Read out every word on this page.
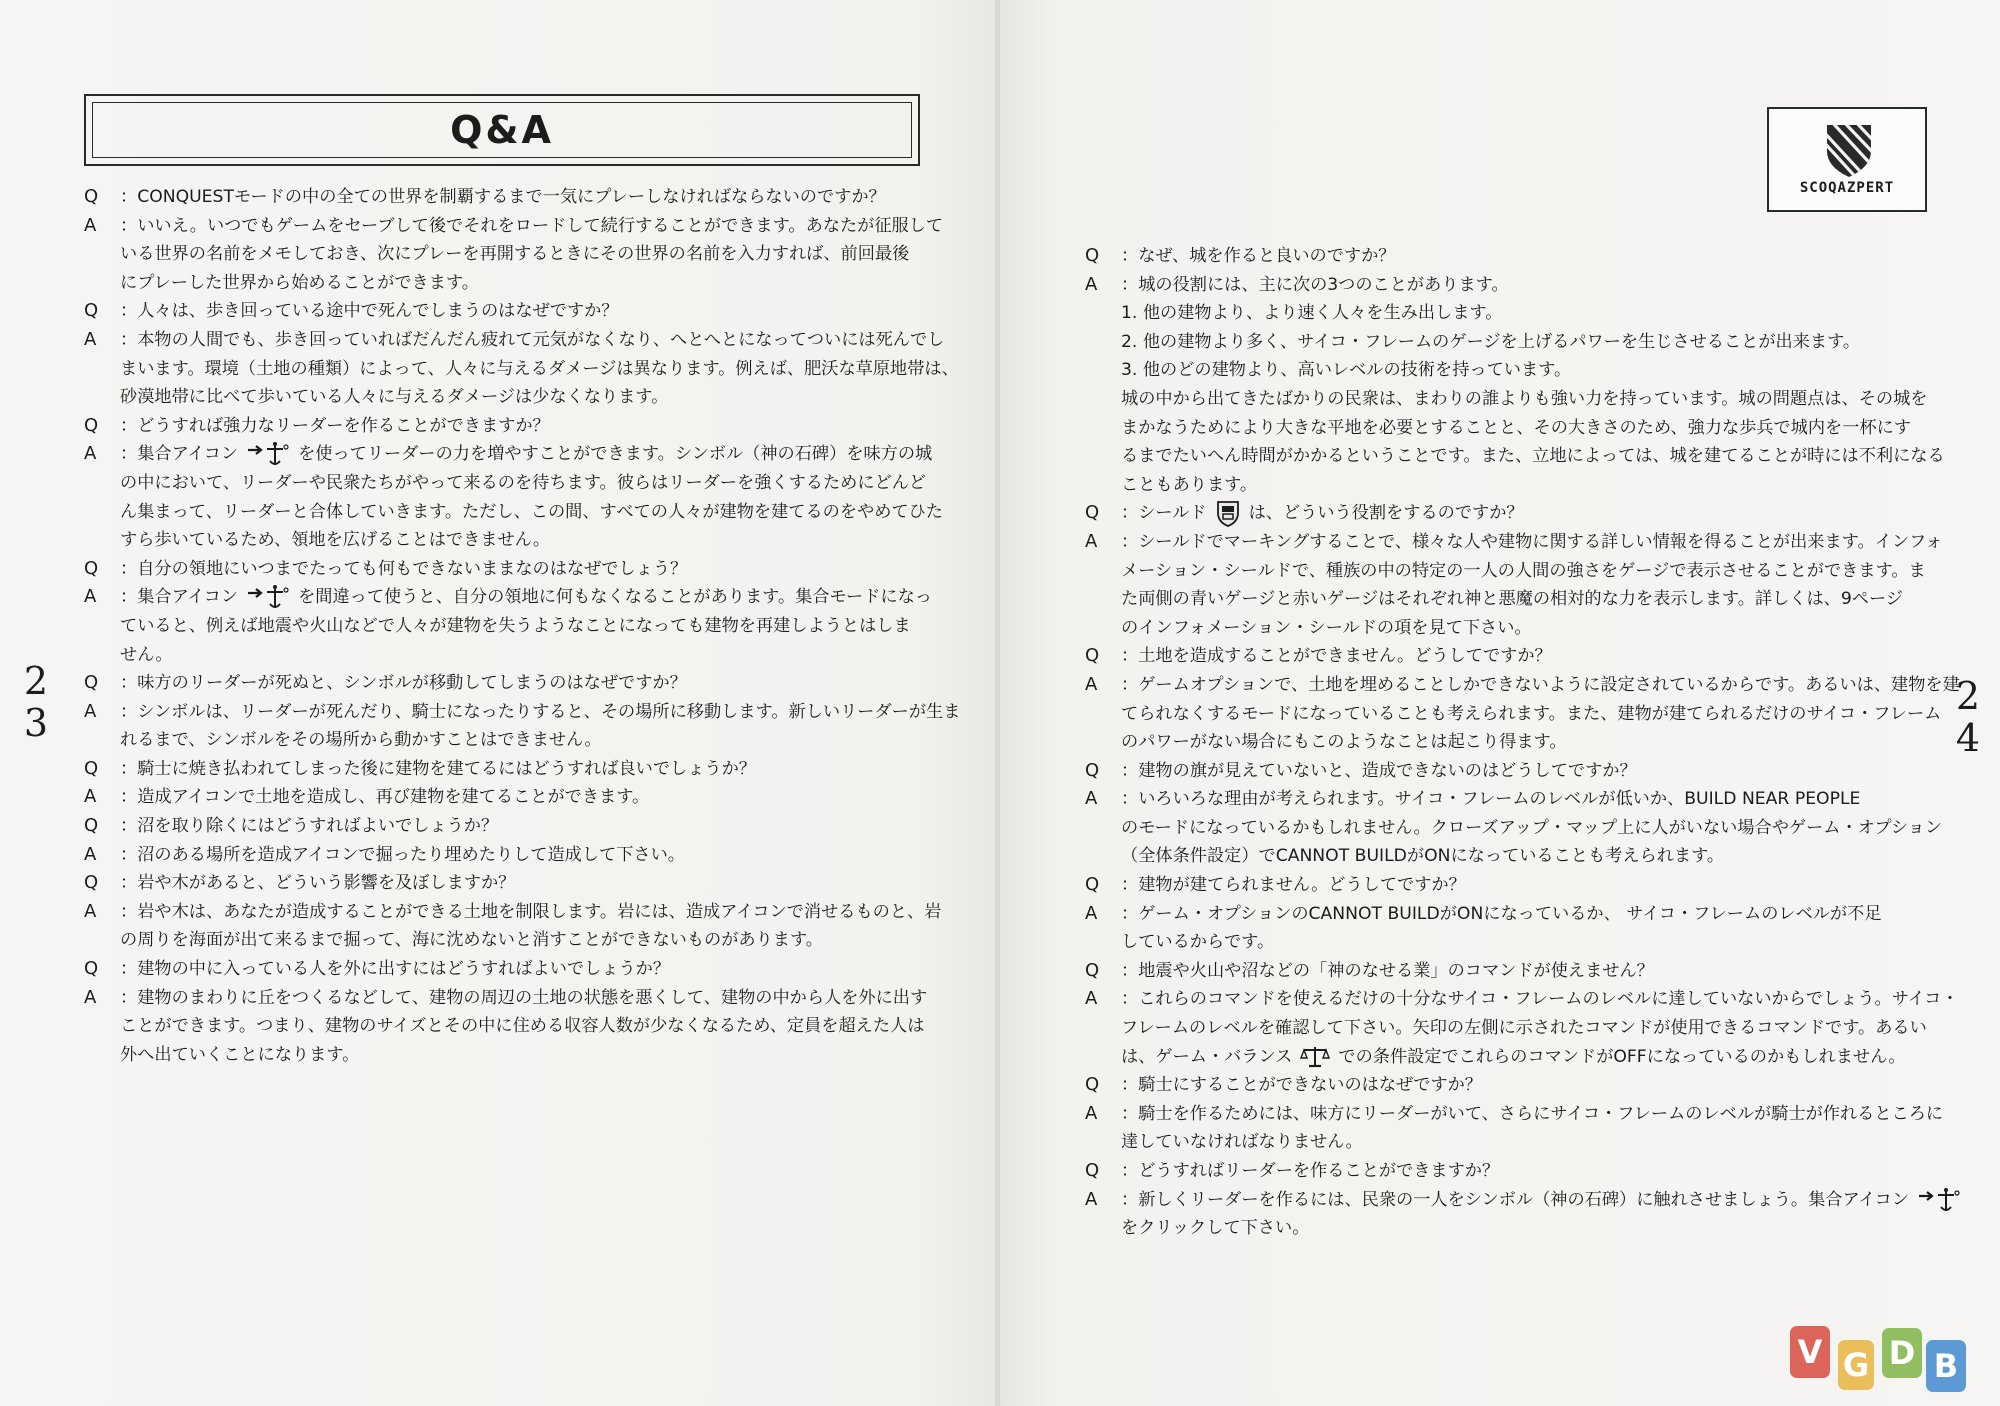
Q&A
Q	：CONQUESTモードの中の全ての世界を制覇するまで一気にプレーしなければならないのですか？
A	：いいえ。いつでもゲームをセーブして後でそれをロードして続行することができます。あなたが征服して
いる世界の名前をメモしておき、次にプレーを再開するときにその世界の名前を入力すれば、前回最後
にプレーした世界から始めることができます。
Q	：人々は、歩き回っている途中で死んでしまうのはなぜですか？
A	：本物の人間でも、歩き回っていればだんだん疲れて元気がなくなり、へとへとになってついには死んでし
まいます。環境（土地の種類）によって、人々に与えるダメージは異なります。例えば、肥沃な草原地帯は、
砂漠地帯に比べて歩いている人々に与えるダメージは少なくなります。
Q	：どうすれば強力なリーダーを作ることができますか？
A	：集合アイコン	を使ってリーダーの力を増やすことができます。シンボル（神の石碑）を味方の城
の中において、リーダーや民衆たちがやって来るのを待ちます。彼らはリーダーを強くするためにどんど
ん集まって、リーダーと合体していきます。ただし、この間、すべての人々が建物を建てるのをやめてひた
すら歩いているため、領地を広げることはできません。
Q	：自分の領地にいつまでたっても何もできないままなのはなぜでしょう？
A	：集合アイコン	を間違って使うと、自分の領地に何もなくなることがあります。集合モードになっ
ていると、例えば地震や火山などで人々が建物を失うようなことになっても建物を再建しようとはしま
せん。
Q	：味方のリーダーが死ぬと、シンボルが移動してしまうのはなぜですか？
A	：シンボルは、リーダーが死んだり、騎士になったりすると、その場所に移動します。新しいリーダーが生ま
れるまで、シンボルをその場所から動かすことはできません。
Q	：騎士に焼き払われてしまった後に建物を建てるにはどうすれば良いでしょうか？
A	：造成アイコンで土地を造成し、再び建物を建てることができます。
Q	：沼を取り除くにはどうすればよいでしょうか？
A	：沼のある場所を造成アイコンで掘ったり埋めたりして造成して下さい。
Q	：岩や木があると、どういう影響を及ぼしますか？
A	：岩や木は、あなたが造成することができる土地を制限します。岩には、造成アイコンで消せるものと、岩
の周りを海面が出て来るまで掘って、海に沈めないと消すことができないものがあります。
Q	：建物の中に入っている人を外に出すにはどうすればよいでしょうか？
A	：建物のまわりに丘をつくるなどして、建物の周辺の土地の状態を悪くして、建物の中から人を外に出す
ことができます。つまり、建物のサイズとその中に住める収容人数が少なくなるため、定員を超えた人は
外へ出ていくことになります。
2
3
SCOQAZPERT
Q	：なぜ、城を作ると良いのですか？
A	：城の役割には、主に次の3つのことがあります。
1. 他の建物より、より速く人々を生み出します。
2. 他の建物より多く、サイコ・フレームのゲージを上げるパワーを生じさせることが出来ます。
3. 他のどの建物より、高いレベルの技術を持っています。
城の中から出てきたばかりの民衆は、まわりの誰よりも強い力を持っています。城の問題点は、その城を
まかなうためにより大きな平地を必要とすることと、その大きさのため、強力な歩兵で城内を一杯にす
るまでたいへん時間がかかるということです。また、立地によっては、城を建てることが時には不利になる
こともあります。
Q	：シールド は、どういう役割をするのですか？
A	：シールドでマーキングすることで、様々な人や建物に関する詳しい情報を得ることが出来ます。インフォ
メーション・シールドで、種族の中の特定の一人の人間の強さをゲージで表示させることができます。ま
た両側の青いゲージと赤いゲージはそれぞれ神と悪魔の相対的な力を表示します。詳しくは、9ページ
のインフォメーション・シールドの項を見て下さい。
Q	：土地を造成することができません。どうしてですか？
A	：ゲームオプションで、土地を埋めることしかできないように設定されているからです。あるいは、建物を建
てられなくするモードになっていることも考えられます。また、建物が建てられるだけのサイコ・フレーム
のパワーがない場合にもこのようなことは起こり得ます。
Q	：建物の旗が見えていないと、造成できないのはどうしてですか？
A	：いろいろな理由が考えられます。サイコ・フレームのレベルが低いか、BUILD NEAR PEOPLE
のモードになっているかもしれません。クローズアップ・マップ上に人がいない場合やゲーム・オプション
（全体条件設定）でCANNOT BUILDがONになっていることも考えられます。
Q	：建物が建てられません。どうしてですか？
A	：ゲーム・オプションのCANNOT BUILDがONになっているか、 サイコ・フレームのレベルが不足
しているからです。
Q	：地震や火山や沼などの「神のなせる業」のコマンドが使えません？
A	：これらのコマンドを使えるだけの十分なサイコ・フレームのレベルに達していないからでしょう。サイコ・
フレームのレベルを確認して下さい。矢印の左側に示されたコマンドが使用できるコマンドです。あるい
は、ゲーム・バランス	での条件設定でこれらのコマンドがOFFになっているのかもしれません。
Q	：騎士にすることができないのはなぜですか？
A	：騎士を作るためには、味方にリーダーがいて、さらにサイコ・フレームのレベルが騎士が作れるところに
達していなければなりません。
Q	：どうすればリーダーを作ることができますか？
A	：新しくリーダーを作るには、民衆の一人をシンボル（神の石碑）に触れさせましょう。集合アイコン
をクリックして下さい。
2
4
V G D B
